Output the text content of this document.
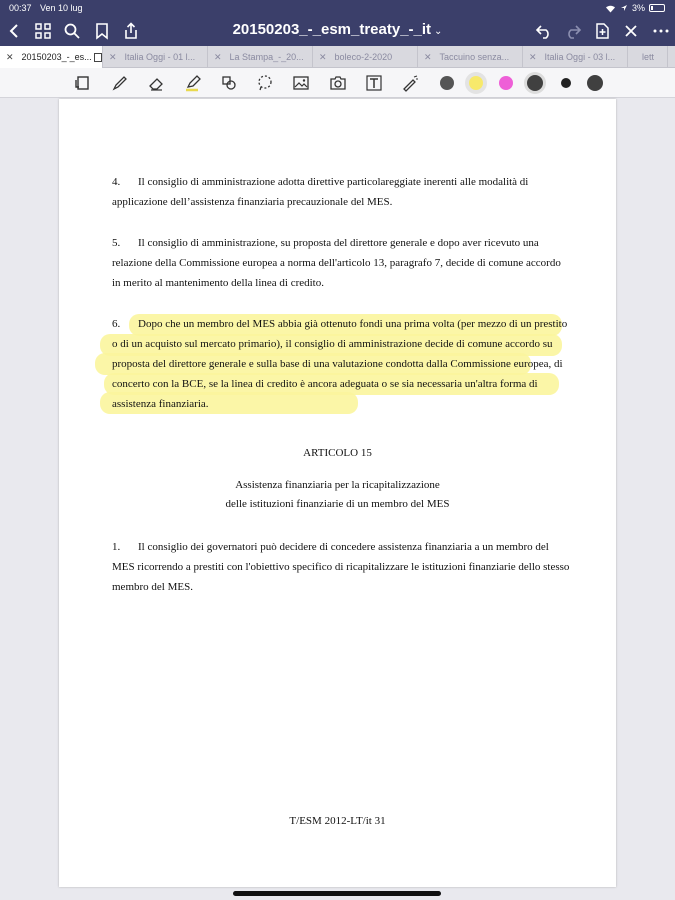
00:37 Ven 10 lug	3%
20150203_-_esm_treaty_-_it ⌄
✕ 20150203_-_es... ✕ Italia Oggi - 01 l... ✕ La Stampa_-_20... ✕ boleco-2-2020	✕ Taccuino senza... ✕ Italia Oggi - 03 l...	lett
4. Il consiglio di amministrazione adotta direttive particolareggiate inerenti alle modalità di applicazione dell’assistenza finanziaria precauzionale del MES.
5. Il consiglio di amministrazione, su proposta del direttore generale e dopo aver ricevuto una relazione della Commissione europea a norma dell'articolo 13, paragrafo 7, decide di comune accordo in merito al mantenimento della linea di credito.
6. Dopo che un membro del MES abbia già ottenuto fondi una prima volta (per mezzo di un prestito o di un acquisto sul mercato primario), il consiglio di amministrazione decide di comune accordo su proposta del direttore generale e sulla base di una valutazione condotta dalla Commissione europea, di concerto con la BCE, se la linea di credito è ancora adeguata o se sia necessaria un'altra forma di assistenza finanziaria.
ARTICOLO 15
Assistenza finanziaria per la ricapitalizzazione
delle istituzioni finanziarie di un membro del MES
1. Il consiglio dei governatori può decidere di concedere assistenza finanziaria a un membro del MES ricorrendo a prestiti con l'obiettivo specifico di ricapitalizzare le istituzioni finanziarie dello stesso membro del MES.
T/ESM 2012-LT/it 31
